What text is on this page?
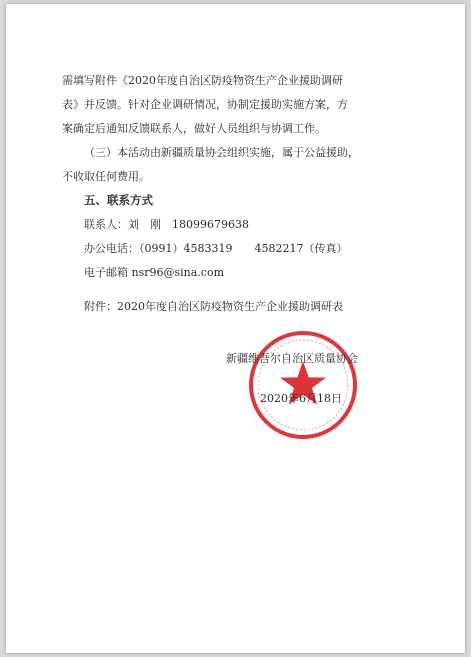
需填写附件《2020年度自治区防疫物资生产企业援助调研
表》并反馈。针对企业调研情况，协制定援助实施方案，方
案确定后通知反馈联系人，做好人员组织与协调工作。
（三）本活动由新疆质量协会组织实施，属于公益援助，
不收取任何费用。
五、联系方式
联系人：刘　刚　18099679638
办公电话：（0991）4583319　　4582217（传真）
电子邮箱 nsr96@sina.com
附件：2020年度自治区防疫物资生产企业援助调研表
新疆维吾尔自治区质量协会
2020年6月18日
